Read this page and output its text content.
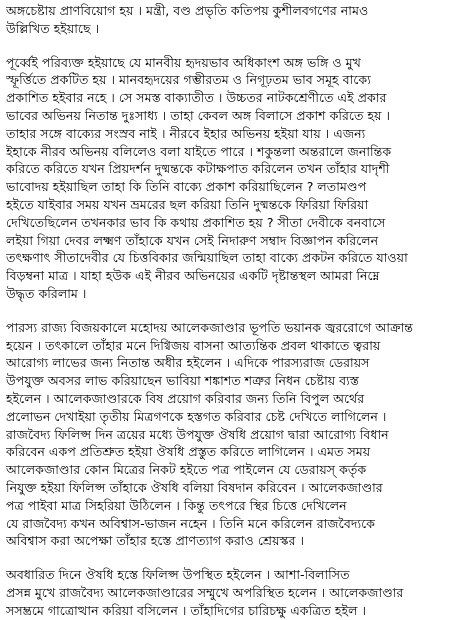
অঙ্গচেষ্টায় প্রাণবিয়োগ হয় । মন্ত্রী, বণ্ড প্রভৃতি কতিপয় কুশীলবগণের নামও
উল্লিখিত হইয়াছে ।

পূর্ব্বেই পরিব্যক্ত হইয়াছে যে মানবীয় হৃদয়ভাব অধিকাংশ অঙ্গ ভঙ্গি ও মুখ
স্ফূর্ত্তিতে প্রকটিত হয় । মানবহৃদয়ের গম্ভীরতম ও নিগূঢ়তম ভাব সমূহ বাক্যে
প্রকাশিত হইবার নহে । সে সমস্ত বাক্যাতীত । উচ্চতর নাটকশ্রেণীতে এই প্রকার
ভাবের অভিনয় নিতান্ত দুঃসাধ্য । তাহা কেবল অঙ্গ বিলাসে প্রকাশ করিতে হয় ।
তাহার সঙ্গে বাক্যের সংস্রব নাই । নীরবে ইহার অভিনয় হইয়া যায় । এজন্য
ইহাকে নীরব অভিনয় বলিলেও বলা যাইতে পারে । শকুন্তলা অন্তরালে জনান্তিক
করিতে করিতে যখন প্রিয়দর্শন দুষ্মন্তকে কটাক্ষপাত করিলেন তখন তাঁহার যাদৃশী
ভাবোদয় হইয়াছিল তাহা কি তিনি বাক্যে প্রকাশ করিয়াছিলেন ? লতামণ্ডপ
হইতে যাইবার সময় যখন ভ্রমরের ছল করিয়া তিনি দুষ্মন্তকে ফিরিয়া ফিরিয়া
দেখিতেছিলেন তখনকার ভাব কি কথায় প্রকাশিত হয় ? সীতা দেবীকে বনবাসে
লইয়া গিয়া দেবর লক্ষ্মণ তাঁহাকে যখন সেই নিদারুণ সম্বাদ বিজ্ঞাপন করিলেন
তৎক্ষণাৎ সীতাদেবীর যে চিত্তবিকার জন্মিয়াছিল তাহা বাক্যে প্রকটন করিতে যাওয়া
বিড়ম্বনা মাত্র । যাহা হউক এই নীরব অভিনয়ের একটি দৃষ্টান্তস্থল আমরা নিম্নে
উদ্ধৃত করিলাম ।

পারস্য রাজ্য বিজয়কালে মহোদয় আলেকজাণ্ডার ভূপতি ভয়ানক জ্বররোগে আক্রান্ত
হয়েন । তৎকালে তাঁহার মনে দিগ্বিজয় বাসনা আত্যন্তিক প্রবল থাকাতে ত্বরায়
আরোগ্য লাভের জন্য নিতান্ত অধীর হইলেন । এদিকে পারস্যরাজ ডেরায়স
উপযুক্ত অবসর লাভ করিয়াছেন ভাবিয়া শঙ্কাশত শত্রুর নিধন চেষ্টায় ব্যস্ত
হইলেন । আলেকজাণ্ডারকে বিষ প্রয়োগ করিবার জন্য তিনি বিপুল অর্থের
প্রলোভন দেখাইয়া তৃতীয় মিত্রগণকে হস্তগত করিবার চেষ্ট দেখিতে লাগিলেন ।
রাজবৈদ্য ফিলিপ্স দিন ত্রয়ের মধ্যে উপযুক্ত ঔষধি প্রয়োগ দ্বারা আরোগ্য বিধান
করিবেন একপ প্রতিশ্রুত হইয়া ঔষধি প্রস্তুত করিতে লাগিলেন । এমত সময়
আলেকজাণ্ডার কোন মিত্রের নিকট হইতে পত্র পাইলেন যে ডেরায়স্ কর্তৃক
নিযুক্ত হইয়া ফিলিপ্স তাঁহাকে ঔষধি বলিয়া বিষদান করিবেন । আলেকজাণ্ডার
পত্র পাইবা মাত্র সিহরিয়া উঠিলেন । কিন্তু তৎপরে স্থির চিত্তে দেখিলেন
যে রাজবৈদ্য কখন অবিশ্বাস-ভাজন নহেন । তিনি মনে করিলেন রাজবৈদ্যকে
অবিশ্বাস করা অপেক্ষা তাঁহার হস্তে প্রাণত্যাগ করাও শ্রেয়স্কর ।

অবধারিত দিনে ঔষধি হস্তে ফিলিপ্স উপস্থিত হইলেন । আশা-বিলাসিত
প্রসন্ন মুখে রাজবৈদ্য আলেকজাণ্ডারের সম্মুখে অপরিস্থিত হলেন । আলেকজাণ্ডার
সসম্ভ্রমে গাত্রোত্থান করিয়া বসিলেন । তাঁহাদিগের চারিচক্ষু একত্রিত হইল ।
